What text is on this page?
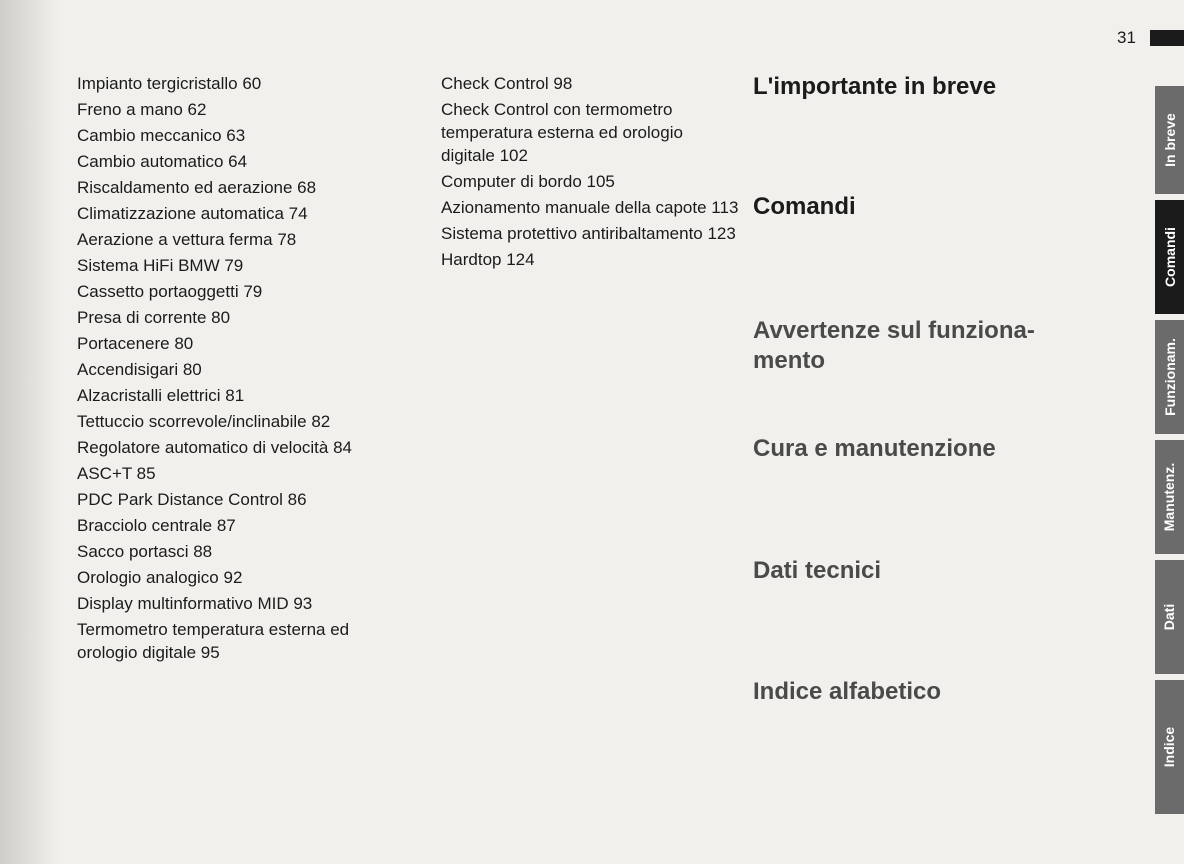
31
Impianto tergicristallo 60
Freno a mano 62
Cambio meccanico 63
Cambio automatico 64
Riscaldamento ed aerazione 68
Climatizzazione automatica 74
Aerazione a vettura ferma 78
Sistema HiFi BMW 79
Cassetto portaoggetti 79
Presa di corrente 80
Portacenere 80
Accendisigari 80
Alzacristalli elettrici 81
Tettuccio scorrevole/inclinabile 82
Regolatore automatico di velocità 84
ASC+T 85
PDC Park Distance Control 86
Bracciolo centrale 87
Sacco portasci 88
Orologio analogico 92
Display multinformativo MID 93
Termometro temperatura esterna ed orologio digitale 95
Check Control 98
Check Control con termometro temperatura esterna ed orologio digitale 102
Computer di bordo 105
Azionamento manuale della capote 113
Sistema protettivo antiribaltamento 123
Hardtop 124
L'importante in breve
Comandi
Avvertenze sul funziona-
mento
Cura e manutenzione
Dati tecnici
Indice alfabetico
In breve
Comandi
Funzionam.
Manutenz.
Dati
Indice
